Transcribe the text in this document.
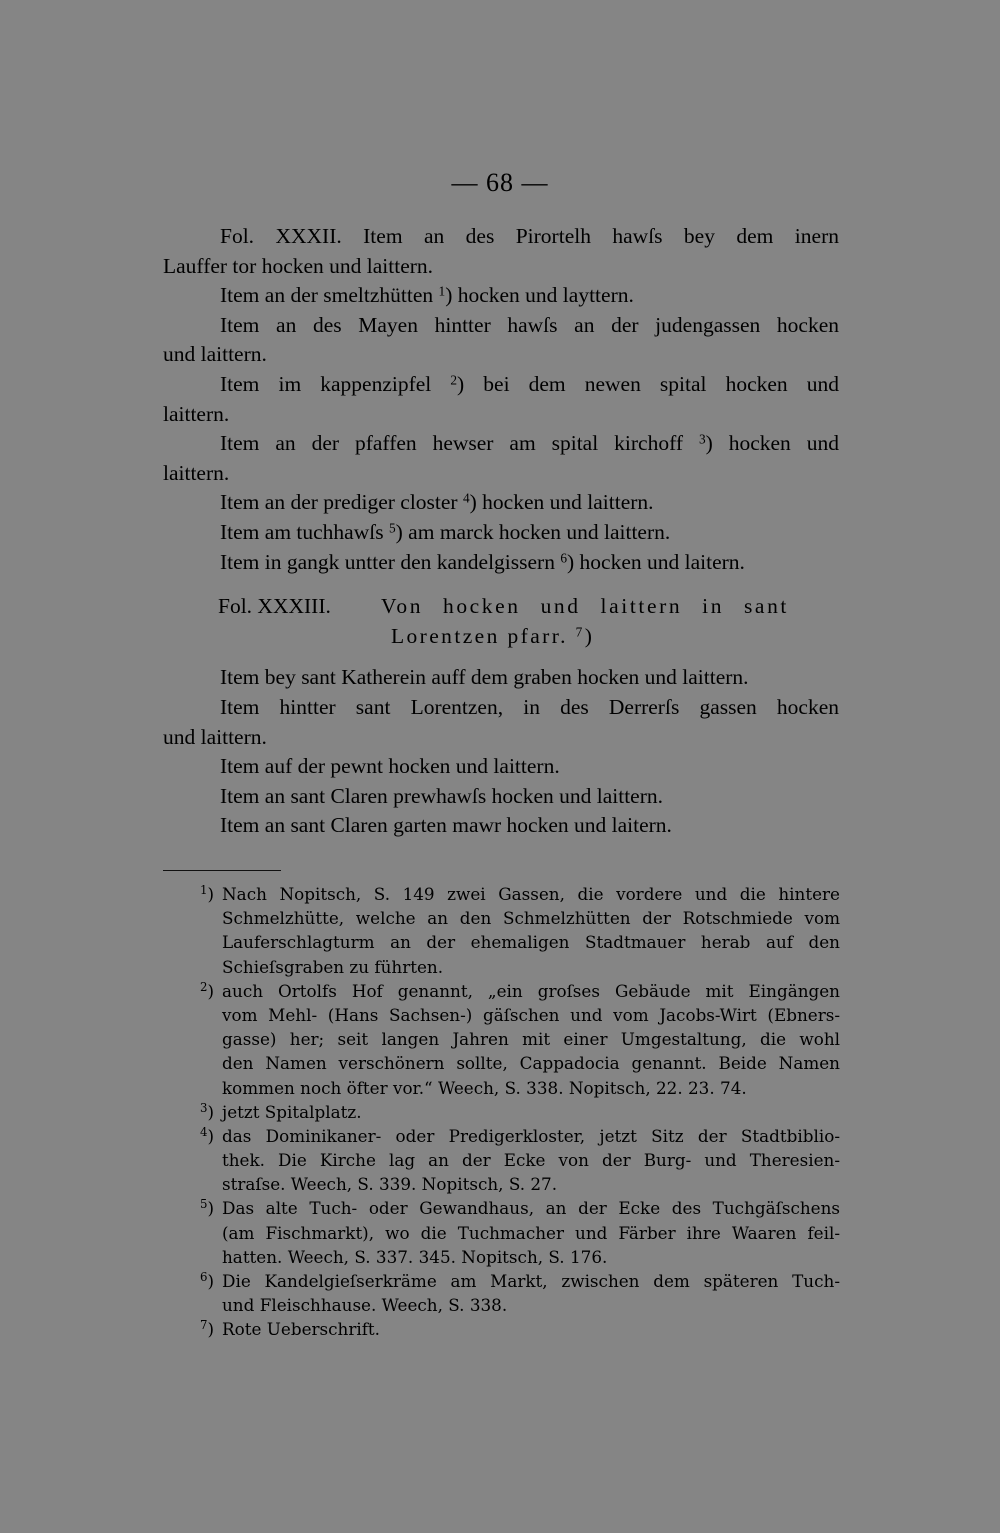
— 68 —
Fol. XXXII. Item an des Pirortelh hawſs bey dem inern
Lauffer tor hocken und laittern.
Item an der smeltzhütten $^1$) hocken und layttern.
Item an des Mayen hintter hawſs an der judengassen hocken
und laittern.
Item im kappenzipfel $^2$) bei dem newen spital hocken und
laittern.
Item an der pfaffen hewser am spital kirchoff $^3$) hocken und
laittern.
Item an der prediger closter $^4$) hocken und laittern.
Item am tuchhawſs $^5$) am marck hocken und laittern.
Item in gangk untter den kandelgissern $^6$) hocken und laitern.
Fol. XXXIII. Von hocken und laittern in sant
Lorentzen pfarr. $^7$)
Item bey sant Katherein auff dem graben hocken und laittern.
Item hintter sant Lorentzen, in des Derrerſs gassen hocken
und laittern.
Item auf der pewnt hocken und laittern.
Item an sant Claren prewhawſs hocken und laittern.
Item an sant Claren garten mawr hocken und laitern.
$^1$) Nach Nopitsch, S. 149 zwei Gassen, die vordere und die hintere
Schmelzhütte, welche an den Schmelzhütten der Rotschmiede vom
Lauferschlagturm an der ehemaligen Stadtmauer herab auf den
Schieſsgraben zu führten.
$^2$) auch Ortolfs Hof genannt, „ein groſses Gebäude mit Eingängen
vom Mehl- (Hans Sachsen-) gäſschen und vom Jacobs-Wirt (Ebners-
gasse) her; seit langen Jahren mit einer Umgestaltung, die wohl
den Namen verschönern sollte, Cappadocia genannt. Beide Namen
kommen noch öfter vor.“ Weech, S. 338. Nopitsch, 22. 23. 74.
$^3$) jetzt Spitalplatz.
$^4$) das Dominikaner- oder Predigerkloster, jetzt Sitz der Stadtbiblio-
thek. Die Kirche lag an der Ecke von der Burg- und Theresien-
straſse. Weech, S. 339. Nopitsch, S. 27.
$^5$) Das alte Tuch- oder Gewandhaus, an der Ecke des Tuchgäſschens
(am Fischmarkt), wo die Tuchmacher und Färber ihre Waaren feil-
hatten. Weech, S. 337. 345. Nopitsch, S. 176.
$^6$) Die Kandelgieſserkräme am Markt, zwischen dem späteren Tuch-
und Fleischhause. Weech, S. 338.
$^7$) Rote Ueberschrift.
